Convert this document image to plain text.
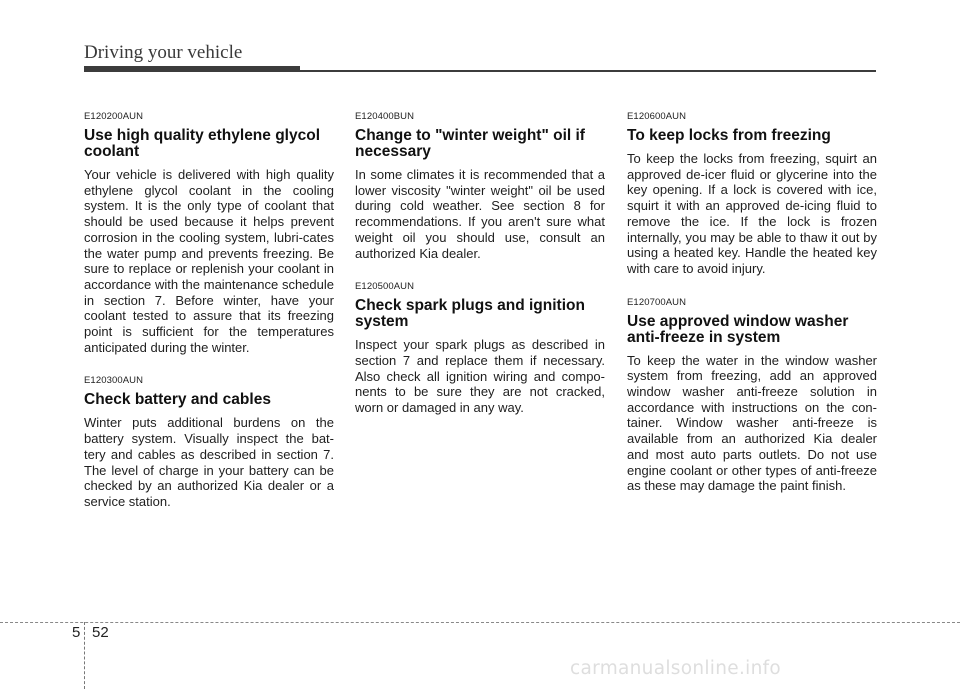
Driving your vehicle

E120200AUN

Use high quality ethylene glycol coolant

Your vehicle is delivered with high quality ethylene glycol coolant in the cooling system. It is the only type of coolant that should be used because it helps prevent corrosion in the cooling system, lubri-cates the water pump and prevents freezing. Be sure to replace or replenish your coolant in accordance with the maintenance schedule in section 7. Before winter, have your coolant tested to assure that its freezing point is sufficient for the temperatures anticipated during the winter.

E120300AUN

Check battery and cables

Winter puts additional burdens on the battery system. Visually inspect the bat-tery and cables as described in section 7. The level of charge in your battery can be checked by an authorized Kia dealer or a service station.

E120400BUN

Change to "winter weight" oil if necessary

In some climates it is recommended that a lower viscosity "winter weight" oil be used during cold weather. See section 8 for recommendations. If you aren't sure what weight oil you should use, consult an authorized Kia dealer.

E120500AUN

Check spark plugs and ignition system

Inspect your spark plugs as described in section 7 and replace them if necessary. Also check all ignition wiring and compo-nents to be sure they are not cracked, worn or damaged in any way.

E120600AUN

To keep locks from freezing

To keep the locks from freezing, squirt an approved de-icer fluid or glycerine into the key opening. If a lock is covered with ice, squirt it with an approved de-icing fluid to remove the ice. If the lock is frozen internally, you may be able to thaw it out by using a heated key. Handle the heated key with care to avoid injury.

E120700AUN

Use approved window washer anti-freeze in system

To keep the water in the window washer system from freezing, add an approved window washer anti-freeze solution in accordance with instructions on the con-tainer. Window washer anti-freeze is available from an authorized Kia dealer and most auto parts outlets. Do not use engine coolant or other types of anti-freeze as these may damage the paint finish.

5 52
carmanualsonline.info
